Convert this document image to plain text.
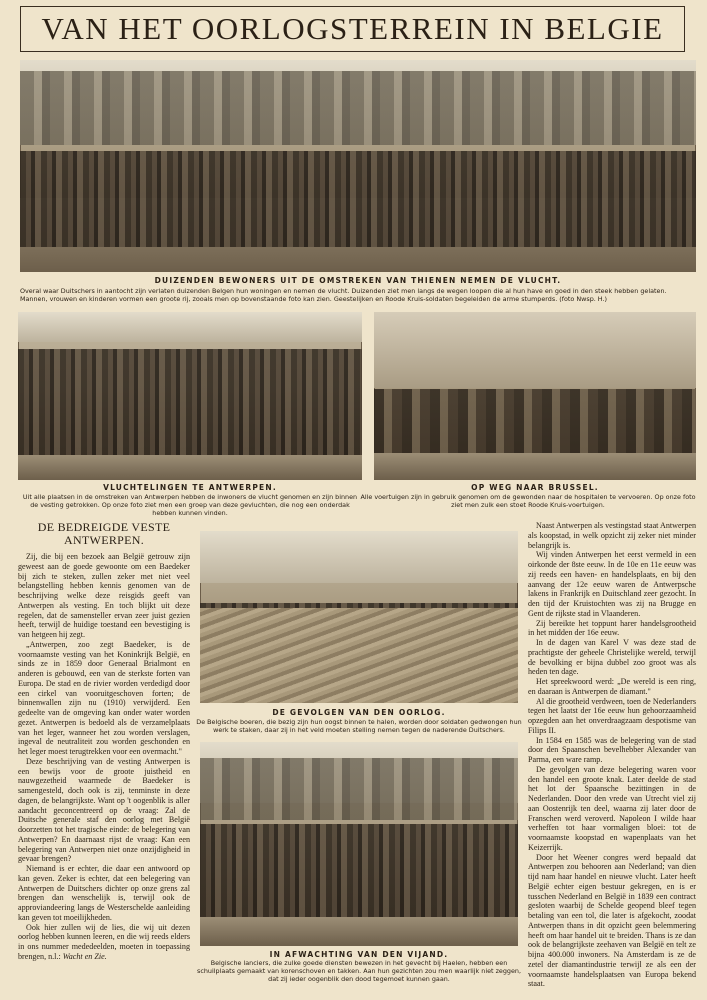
VAN HET OORLOGSTERREIN IN BELGIE
DUIZENDEN BEWONERS UIT DE OMSTREKEN VAN THIENEN NEMEN DE VLUCHT.
Overal waar Duitschers in aantocht zijn verlaten duizenden Belgen hun woningen en nemen de vlucht. Duizenden ziet men langs de wegen loopen die al hun have en goed in den steek hebben gelaten. Mannen, vrouwen en kinderen vormen een groote rij, zooals men op bovenstaande foto kan zien. Geestelijken en Roode Kruis-soldaten begeleiden de arme stumperds. (foto Nwsp. H.)
VLUCHTELINGEN TE ANTWERPEN.
Uit alle plaatsen in de omstreken van Antwerpen hebben de inwoners de vlucht genomen en zijn binnen de vesting getrokken. Op onze foto ziet men een groep van deze gevluchten, die nog een onderdak hebben kunnen vinden.
OP WEG NAAR BRUSSEL.
Alle voertuigen zijn in gebruik genomen om de gewonden naar de hospitalen te vervoeren. Op onze foto ziet men zulk een stoet Roode Kruis-voertuigen.
DE BEDREIGDE VESTE
ANTWERPEN.

Zij, die bij een bezoek aan België getrouw zijn geweest aan de goede gewoonte om een Baedeker bij zich te steken, zullen zeker met niet veel belangstelling hebben kennis genomen van de beschrijving welke deze reisgids geeft van Antwerpen als vesting. En toch blijkt uit deze regelen, dat de samensteller ervan zeer juist gezien heeft, terwijl de huidige toestand een bevestiging is van hetgeen hij zegt.

„Antwerpen, zoo zegt Baedeker, is de voornaamste vesting van het Koninkrijk België, en sinds ze in 1859 door Generaal Brialmont en anderen is gebouwd, een van de sterkste forten van Europa. De stad en de rivier worden verdedigd door een cirkel van vooruitgeschoven forten; de binnenwallen zijn nu (1910) verwijderd. Een gedeelte van de omgeving kan onder water worden gezet. Antwerpen is bedoeld als de verzamelplaats van het leger, wanneer het zou worden verslagen, ingeval de neutraliteit zou worden geschonden en het leger moest terugtrekken voor een overmacht."

Deze beschrijving van de vesting Antwerpen is een bewijs voor de groote juistheid en nauwgezetheid waarmede de Baedeker is samengesteld, doch ook is zij, tenminste in deze dagen, de belangrijkste. Want op 't oogenblik is aller aandacht geconcentreerd op de vraag: Zal de Duitsche generale staf den oorlog met België doorzetten tot het tragische einde: de belegering van Antwerpen? En daarnaast rijst de vraag: Kan een belegering van Antwerpen niet onze onzijdigheid in gevaar brengen?

Niemand is er echter, die daar een antwoord op kan geven. Zeker is echter, dat een belegering van Antwerpen de Duitschers dichter op onze grens zal brengen dan wenschelijk is, terwijl ook de approviandeering langs de Westerschelde aanleiding kan geven tot moeilijkheden.

Ook hier zullen wij de lies, die wij uit dezen oorlog hebben kunnen leeren, en die wij reeds elders in ons nummer mededeelden, moeten in toepassing brengen, n.l.: Wacht en Zie.

DE GEVOLGEN VAN DEN OORLOG.
De Belgische boeren, die bezig zijn hun oogst binnen te halen, worden door soldaten gedwongen hun werk te staken, daar zij in het veld moeten stelling nemen tegen de naderende Duitschers.
IN AFWACHTING VAN DEN VIJAND.
Belgische lanciers, die zulke goede diensten bewezen in het gevecht bij Haelen, hebben een schuilplaats gemaakt van korenschoven en takken. Aan hun gezichten zou men waarlijk niet zeggen, dat zij ieder oogenblik den dood tegemoet kunnen gaan.

Naast Antwerpen als vestingstad staat Antwerpen als koopstad, in welk opzicht zij zeker niet minder belangrijk is.

Wij vinden Antwerpen het eerst vermeld in een oirkonde der 8ste eeuw. In de 10e en 11e eeuw was zij reeds een haven- en handelsplaats, en bij den aanvang der 12e eeuw waren de Antwerpsche lakens in Frankrijk en Duitschland zeer gezocht. In den tijd der Kruistochten was zij na Brugge en Gent de rijkste stad in Vlaanderen.

Zij bereikte het toppunt harer handelsgrootheid in het midden der 16e eeuw.

In de dagen van Karel V was deze stad de prachtigste der geheele Christelijke wereld, terwijl de bevolking er bijna dubbel zoo groot was als heden ten dage.

Het spreekwoord werd: „De wereld is een ring, en daaraan is Antwerpen de diamant."

Al die grootheid verdween, toen de Nederlanders tegen het laatst der 16e eeuw hun gehoorzaamheid opzegden aan het onverdraagzaam despotisme van Filips II.

In 1584 en 1585 was de belegering van de stad door den Spaanschen bevelhebber Alexander van Parma, een ware ramp.

De gevolgen van deze belegering waren voor den handel een groote knak. Later deelde de stad het lot der Spaansche bezittingen in de Nederlanden. Door den vrede van Utrecht viel zij aan Oostenrijk ten deel, waarna zij later door de Franschen werd veroverd. Napoleon I wilde haar verheffen tot haar vormaligen bloei: tot de voornaamste koopstad en wapenplaats van het Keizerrijk.

Door het Weener congres werd bepaald dat Antwerpen zou behooren aan Nederland; van dien tijd nam haar handel en nieuwe vlucht. Later heeft België echter eigen bestuur gekregen, en is er tusschen Nederland en België in 1839 een contract gesloten waarbij de Schelde geopend bleef tegen betaling van een tol, die later is afgekocht, zoodat Antwerpen thans in dit opzicht geen belemmering heeft om haar handel uit te breiden. Thans is ze dan ook de belangrijkste zeehaven van België en telt ze bijna 400.000 inwoners. Na Amsterdam is ze de zetel der diamantindustrie terwijl ze als een der voornaamste handelsplaatsen van Europa bekend staat.
